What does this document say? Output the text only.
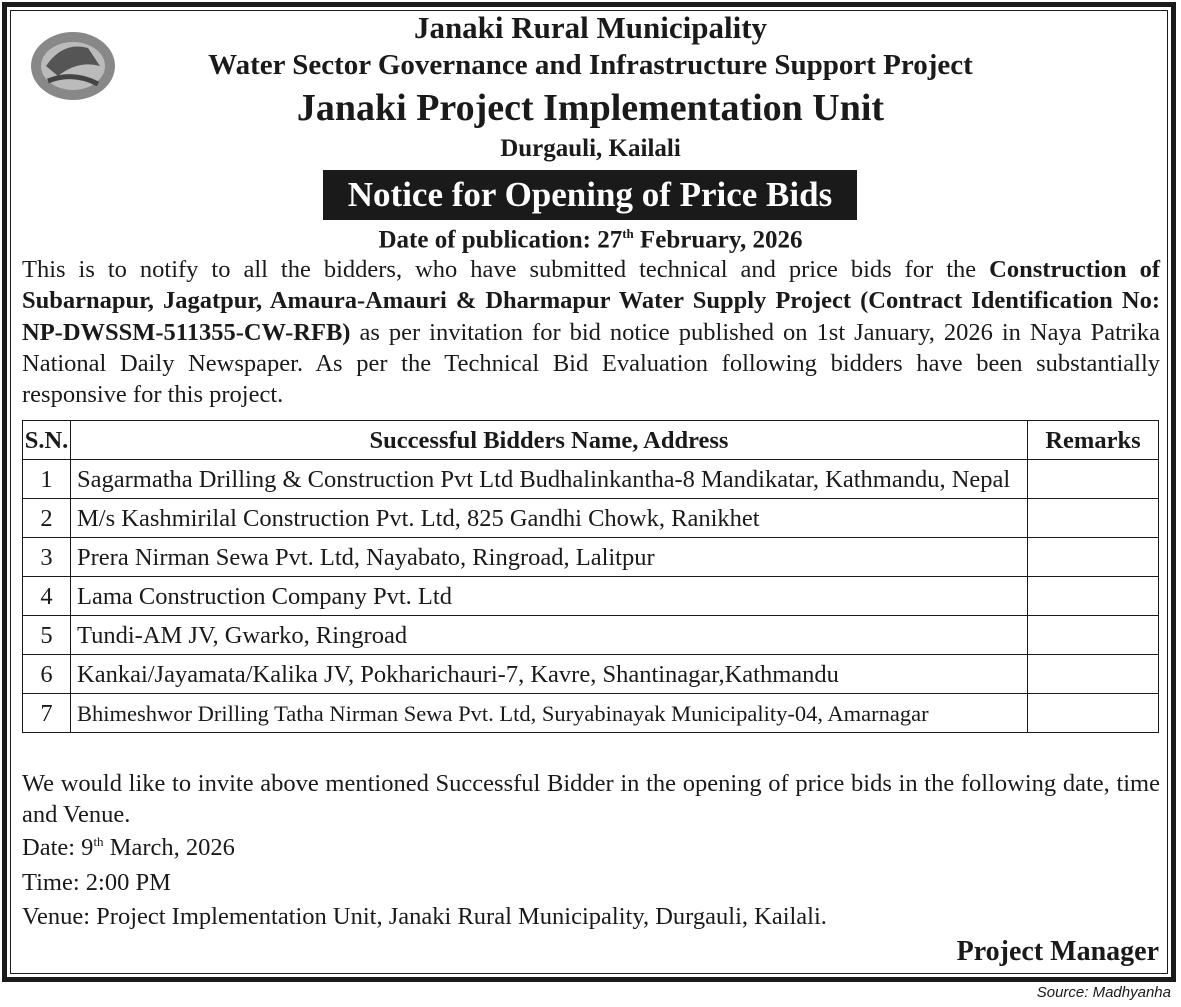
Janaki Rural Municipality
Water Sector Governance and Infrastructure Support Project
Janaki Project Implementation Unit
Durgauli, Kailali
Notice for Opening of Price Bids
Date of publication: 27th February, 2026
This is to notify to all the bidders, who have submitted technical and price bids for the Construction of Subarnapur, Jagatpur, Amaura-Amauri & Dharmapur Water Supply Project (Contract Identification No: NP-DWSSM-511355-CW-RFB) as per invitation for bid notice published on 1st January, 2026 in Naya Patrika National Daily Newspaper. As per the Technical Bid Evaluation following bidders have been substantially responsive for this project.
S.N.	Successful Bidders Name, Address	Remarks
1	Sagarmatha Drilling & Construction Pvt Ltd Budhalinkantha-8 Mandikatar, Kathmandu, Nepal	
2	M/s Kashmirilal Construction Pvt. Ltd, 825 Gandhi Chowk, Ranikhet	
3	Prera Nirman Sewa Pvt. Ltd, Nayabato, Ringroad, Lalitpur	
4	Lama Construction Company Pvt. Ltd	
5	Tundi-AM JV, Gwarko, Ringroad	
6	Kankai/Jayamata/Kalika JV, Pokharichauri-7, Kavre, Shantinagar,Kathmandu	
7	Bhimeshwor Drilling Tatha Nirman Sewa Pvt. Ltd, Suryabinayak Municipality-04, Amarnagar	
We would like to invite above mentioned Successful Bidder in the opening of price bids in the following date, time and Venue.
Date: 9th March, 2026
Time: 2:00 PM
Venue: Project Implementation Unit, Janaki Rural Municipality, Durgauli, Kailali.
Project Manager
Source: Madhyanha
